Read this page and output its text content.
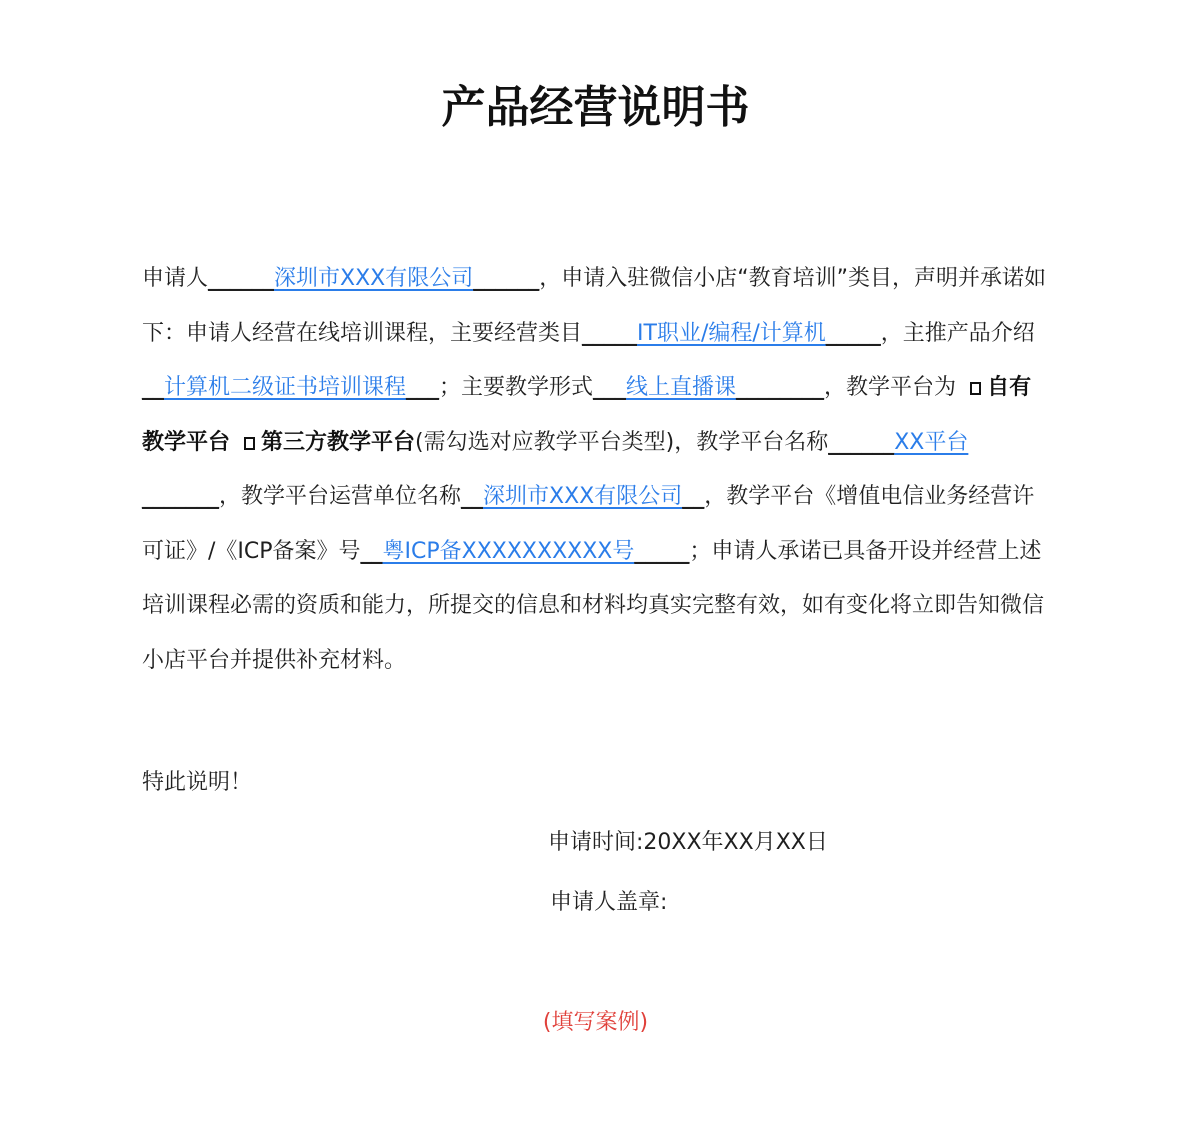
产品经营说明书
申请人______深圳市XXX有限公司______，申请入驻微信小店“教育培训”类目，声明并承诺如下：申请人经营在线培训课程，主要经营类目_____IT职业/编程/计算机_____，主推产品介绍__计算机二级证书培训课程___；主要教学形式___线上直播课________，教学平台为 自有教学平台 第三方教学平台(需勾选对应教学平台类型)，教学平台名称______XX平台_______，教学平台运营单位名称__深圳市XXX有限公司__，教学平台《增值电信业务经营许可证》/《ICP备案》号__粤ICP备XXXXXXXXXX号_____；申请人承诺已具备开设并经营上述培训课程必需的资质和能力，所提交的信息和材料均真实完整有效，如有变化将立即告知微信小店平台并提供补充材料。
特此说明！
申请时间:20XX年XX月XX日
申请人盖章:
(填写案例)
